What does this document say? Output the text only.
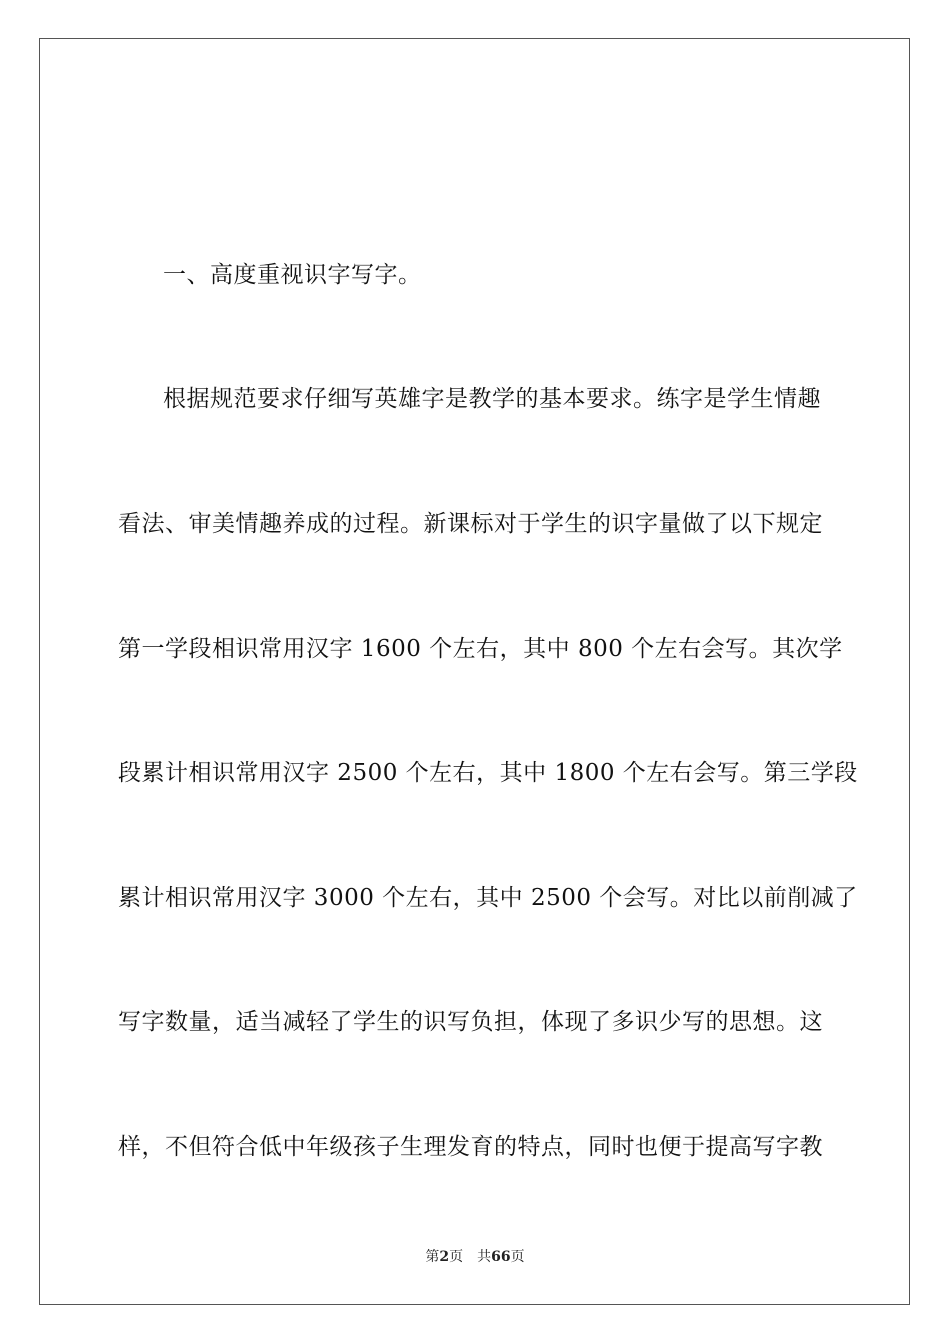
一、高度重视识字写字。
根据规范要求仔细写英雄字是教学的基本要求。练字是学生情趣
看法、审美情趣养成的过程。新课标对于学生的识字量做了以下规定
第一学段相识常用汉字 1600 个左右，其中 800 个左右会写。其次学
段累计相识常用汉字 2500 个左右，其中 1800 个左右会写。第三学段
累计相识常用汉字 3000 个左右，其中 2500 个会写。对比以前削减了
写字数量，适当减轻了学生的识写负担，体现了多识少写的思想。这
样，不但符合低中年级孩子生理发育的特点，同时也便于提高写字教
第2页 共66页
